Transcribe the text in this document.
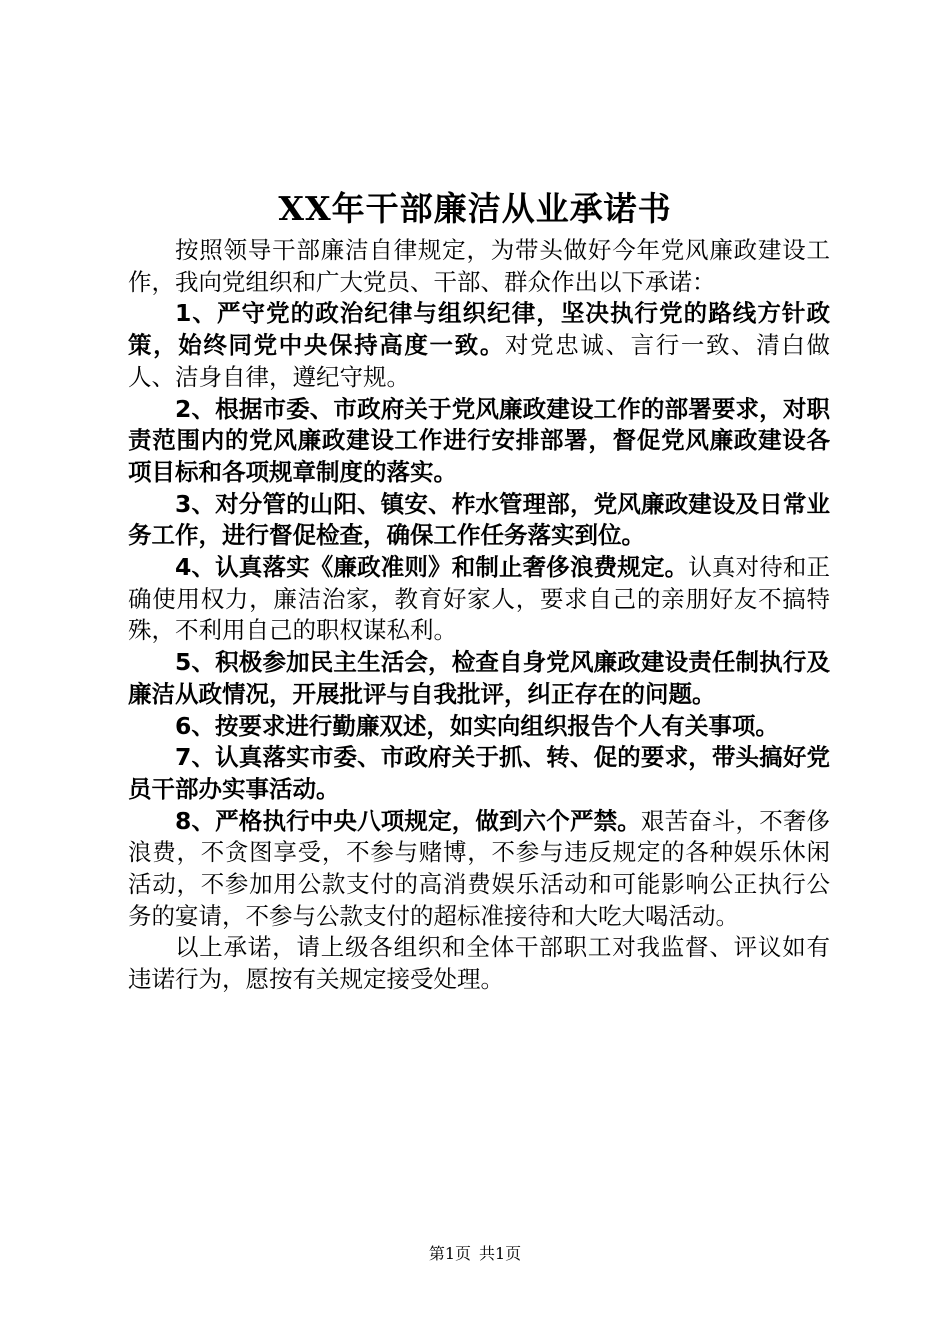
XX年干部廉洁从业承诺书

按照领导干部廉洁自律规定，为带头做好今年党风廉政建设工作，我向党组织和广大党员、干部、群众作出以下承诺：

1、严守党的政治纪律与组织纪律，坚决执行党的路线方针政策，始终同党中央保持高度一致。对党忠诚、言行一致、清白做人、洁身自律，遵纪守规。

2、根据市委、市政府关于党风廉政建设工作的部署要求，对职责范围内的党风廉政建设工作进行安排部署，督促党风廉政建设各项目标和各项规章制度的落实。

3、对分管的山阳、镇安、柞水管理部，党风廉政建设及日常业务工作，进行督促检查，确保工作任务落实到位。

4、认真落实《廉政准则》和制止奢侈浪费规定。认真对待和正确使用权力，廉洁治家，教育好家人，要求自己的亲朋好友不搞特殊，不利用自己的职权谋私利。

5、积极参加民主生活会，检查自身党风廉政建设责任制执行及廉洁从政情况，开展批评与自我批评，纠正存在的问题。

6、按要求进行勤廉双述，如实向组织报告个人有关事项。

7、认真落实市委、市政府关于抓、转、促的要求，带头搞好党员干部办实事活动。

8、严格执行中央八项规定，做到六个严禁。艰苦奋斗，不奢侈浪费，不贪图享受，不参与赌博，不参与违反规定的各种娱乐休闲活动，不参加用公款支付的高消费娱乐活动和可能影响公正执行公务的宴请，不参与公款支付的超标准接待和大吃大喝活动。

以上承诺，请上级各组织和全体干部职工对我监督、评议如有违诺行为，愿按有关规定接受处理。

第1页 共1页
